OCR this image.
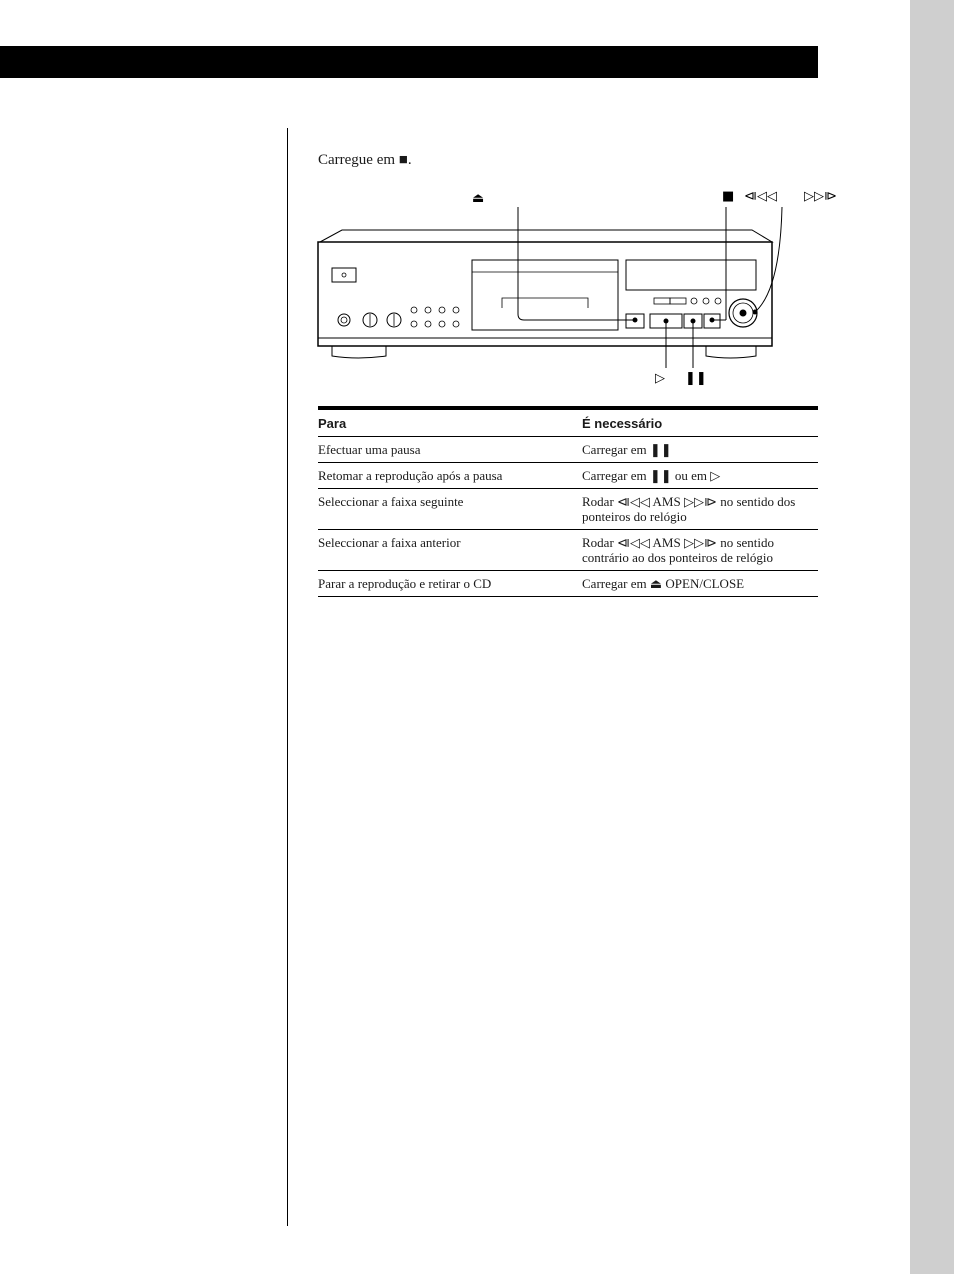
Carregue em ■.
⏏	■ ⧏◁◁ ▷▷⧐
▷ ❚❚
Para	É necessário
Efectuar uma pausa	Carregar em ❚❚
Retomar a reprodução após a pausa	Carregar em ❚❚ ou em ▷
Seleccionar a faixa seguinte	Rodar ⧏◁◁ AMS ▷▷⧐ no sentido dos ponteiros do relógio
Seleccionar a faixa anterior	Rodar ⧏◁◁ AMS ▷▷⧐ no sentido contrário ao dos ponteiros de relógio
Parar a reprodução e retirar o CD	Carregar em ⏏ OPEN/CLOSE
